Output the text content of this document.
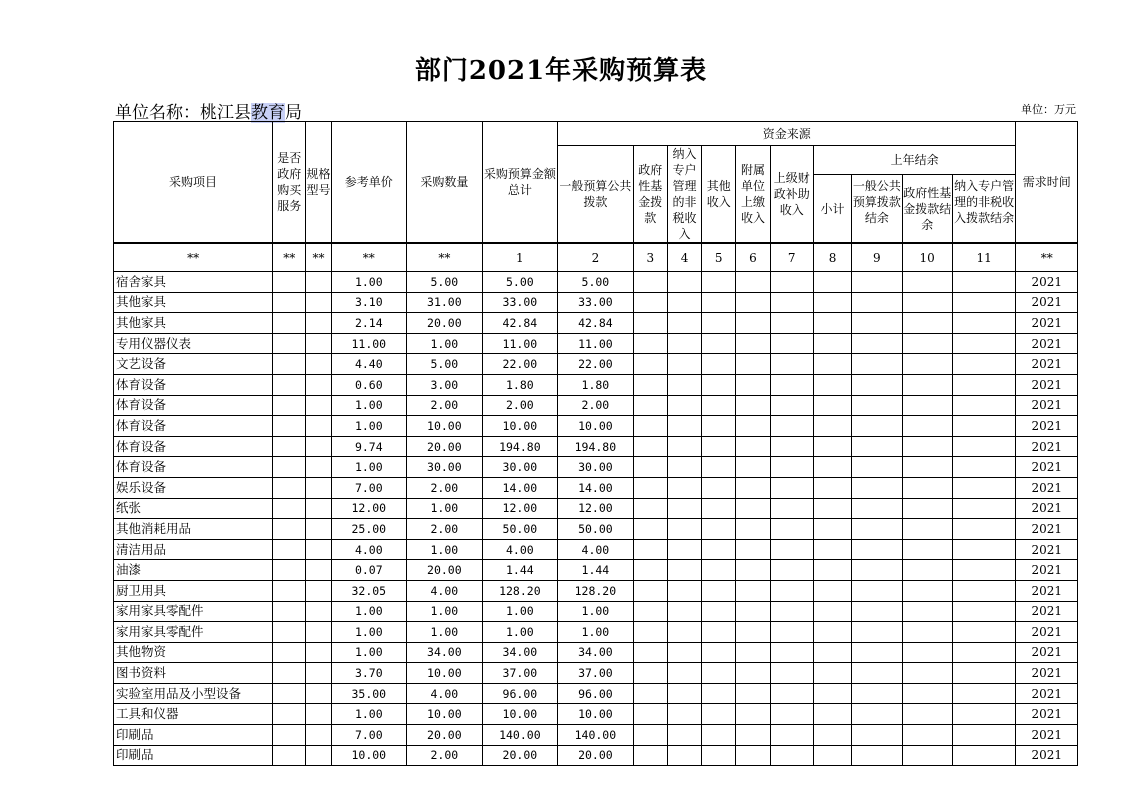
部门2021年采购预算表
单位名称：桃江县教育局	单位：万元
采购项目	是否政府购买服务	规格型号	参考单价	采购数量	采购预算金额总计	资金来源										需求时间
						一般预算公共拨款	政府性基金拨款	纳入专户管理的非税收入	其他收入	附属单位上缴收入	上级财政补助收入	上年结余				
												小计	一般公共预算拨款结余	政府性基金拨款结余	纳入专户管理的非税收入拨款结余	

**	**	**	**	**	1	2	3	4	5	6	7	8	9	10	11	**
宿舍家具			1.00	5.00	5.00	5.00										2021
其他家具			3.10	31.00	33.00	33.00										2021
其他家具			2.14	20.00	42.84	42.84										2021
专用仪器仪表			11.00	1.00	11.00	11.00										2021
文艺设备			4.40	5.00	22.00	22.00										2021
体育设备			0.60	3.00	1.80	1.80										2021
体育设备			1.00	2.00	2.00	2.00										2021
体育设备			1.00	10.00	10.00	10.00										2021
体育设备			9.74	20.00	194.80	194.80										2021
体育设备			1.00	30.00	30.00	30.00										2021
娱乐设备			7.00	2.00	14.00	14.00										2021
纸张			12.00	1.00	12.00	12.00										2021
其他消耗用品			25.00	2.00	50.00	50.00										2021
清洁用品			4.00	1.00	4.00	4.00										2021
油漆			0.07	20.00	1.44	1.44										2021
厨卫用具			32.05	4.00	128.20	128.20										2021
家用家具零配件			1.00	1.00	1.00	1.00										2021
家用家具零配件			1.00	1.00	1.00	1.00										2021
其他物资			1.00	34.00	34.00	34.00										2021
图书资料			3.70	10.00	37.00	37.00										2021
实验室用品及小型设备			35.00	4.00	96.00	96.00										2021
工具和仪器			1.00	10.00	10.00	10.00										2021
印刷品			7.00	20.00	140.00	140.00										2021
印刷品			10.00	2.00	20.00	20.00										2021
